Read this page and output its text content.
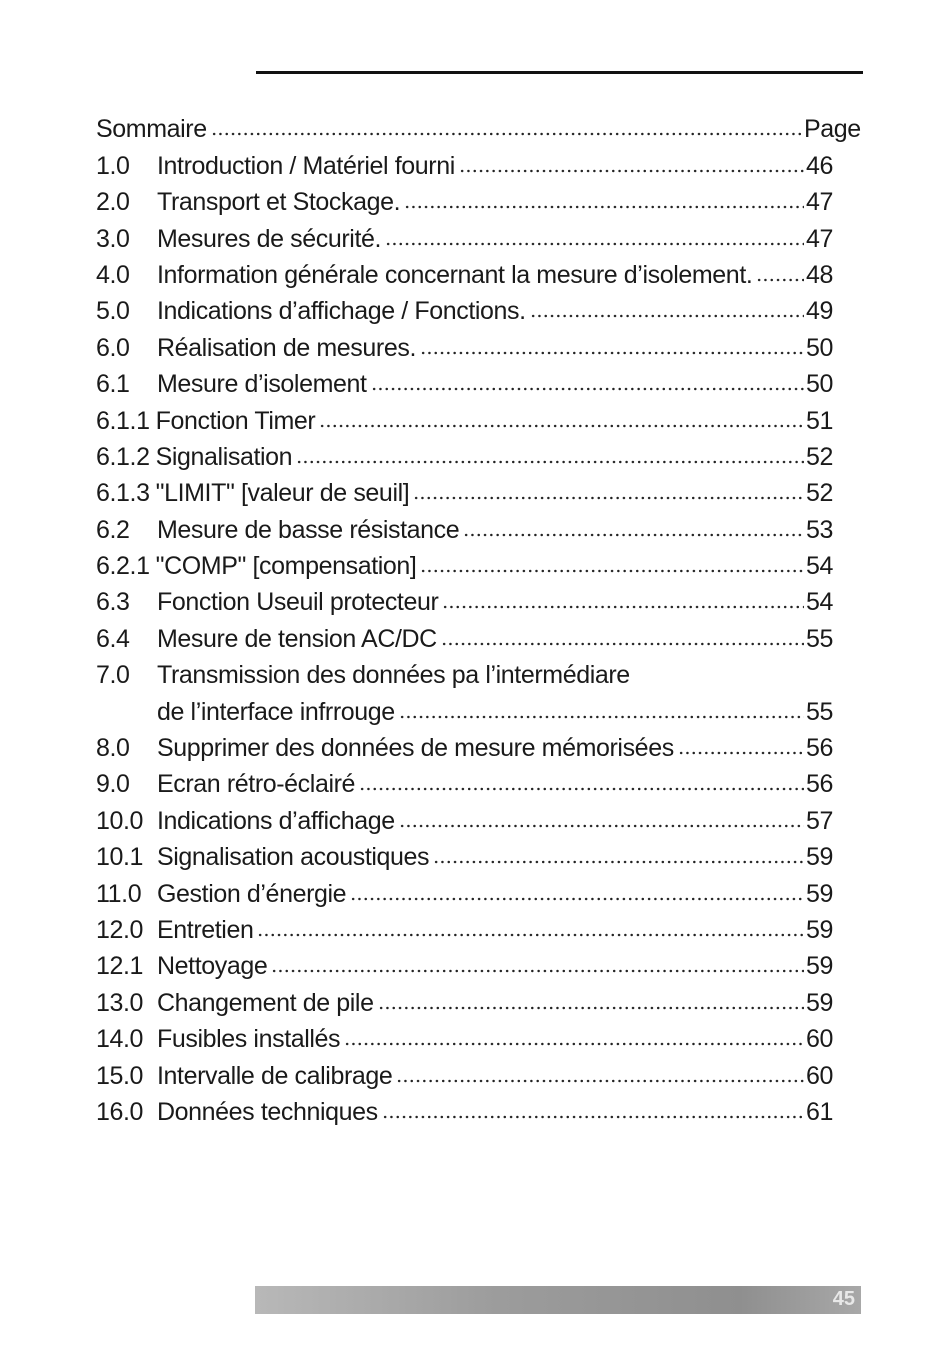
Sommaire	Page
1.0	Introduction / Matériel fourni	46
2.0	Transport et Stockage.	47
3.0	Mesures de sécurité.	47
4.0	Information générale concernant la mesure d’isolement. 48
5.0	Indications d’affichage / Fonctions.	49
6.0	Réalisation de mesures.	50
6.1	Mesure d’isolement	50
6.1.1 Fonction Timer	51
6.1.2 Signalisation	52
6.1.3 "LIMIT" [valeur de seuil]	52
6.2	Mesure de basse résistance	53
6.2.1 "COMP" [compensation]	54
6.3	Fonction Useuil protecteur	54
6.4	Mesure de tension AC/DC	55
7.0	Transmission des données pa l’intermédiare
de l’interface infrrouge	55
8.0	Supprimer des données de mesure mémorisées	56
9.0	Ecran rétro-éclairé	56
10.0 Indications d’affichage	57
10.1 Signalisation acoustiques	59
11.0 Gestion d’énergie	59
12.0 Entretien	59
12.1 Nettoyage	59
13.0 Changement de pile	59
14.0 Fusibles installés	60
15.0 Intervalle de calibrage	60
16.0 Données techniques	61
45
